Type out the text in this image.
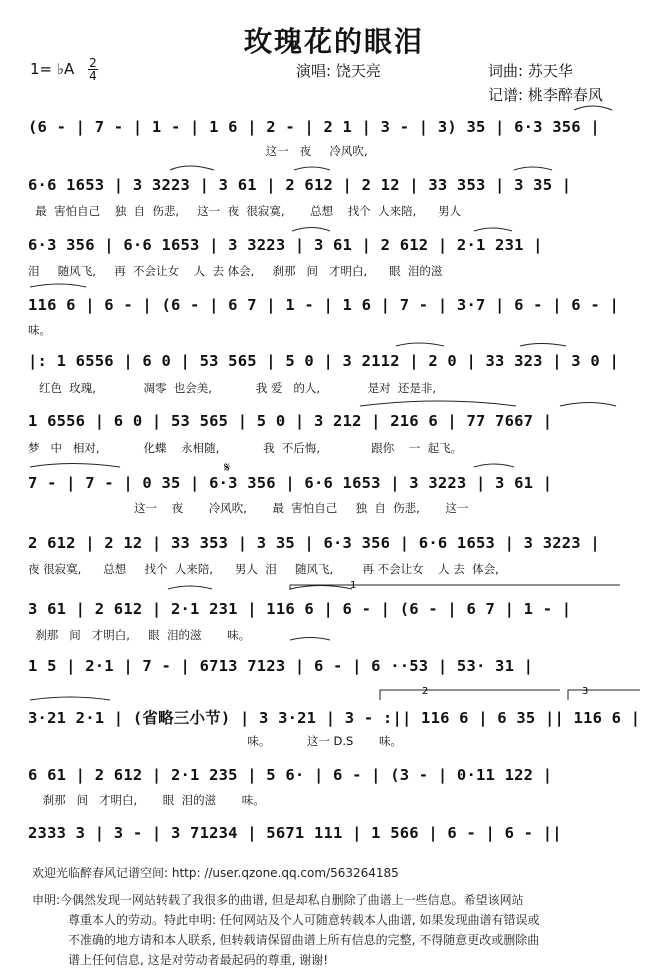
玫瑰花的眼泪
1= ♭A $\frac{2}{4}$	演唱: 饶天亮	词曲: 苏天华
记谱: 桃李醉春风
(6 - | 7 - | 1 - | 1 6 | 2 - | 2 1 | 3 - | 3) 35 | 6·3 356 |
这一   夜     冷风吹,
6·6 1653 | 3 3223 | 3 61 | 2 612 | 2 12 | 33 353 | 3 35 |
最  害怕自己    独  自  伤悲,     这一  夜  很寂寞,       总想    找个  人来陪,      男人
6·3 356 | 6·6 1653 | 3 3223 | 3 61 | 2 612 | 2·1 231 |
泪     随风飞,     再  不会让女    人  去 体会,     刹那   间   才明白,      眼  泪的滋
116 6 | 6 - | (6 - | 6 7 | 1 - | 1 6 | 7 - | 3·7 | 6 - | 6 - |
味。
|: 1 6556 | 6 0 | 53 565 | 5 0 | 3 2112 | 2 0 | 33 323 | 3 0 |
红色  玫瑰,             凋零  也会美,            我 爱   的人,             是对  还是非,
1 6556 | 6 0 | 53 565 | 5 0 | 3 212 | 216 6 | 77 7667 |
梦   中   相对,            化蝶    永相随,            我  不后悔,              跟你    一  起飞。
7 - | 7 - | 0 35 | 6·3 356 | 6·6 1653 | 3 3223 | 3 61 |
这一    夜       冷风吹,       最  害怕自己     独  自  伤悲,       这一
2 612 | 2 12 | 33 353 | 3 35 | 6·3 356 | 6·6 1653 | 3 3223 |
夜 很寂寞,      总想     找个  人来陪,      男人  泪     随风飞,        再 不会让女    人 去  体会,
3 61 | 2 612 | 2·1 231 | 116 6 | 6 - | (6 - | 6 7 | 1 - |
刹那   间   才明白,     眼  泪的滋       味。
1 5 | 2·1 | 7 - | 6713 7123 | 6 - | 6 ··53 | 53· 31 |
3·21 2·1 | (省略三小节) | 3 3·21 | 3 - :|| 116 6 | 6 35 || 116 6 |
味。          这一 D.S       味。
6 61 | 2 612 | 2·1 235 | 5 6· | 6 - | (3 - | 0·11 122 |
刹那   间   才明白,       眼  泪的滋       味。
2333 3 | 3 - | 3 71234 | 5671 111 | 1 566 | 6 - | 6 - ||
1
2	3
𝄋
欢迎光临醉春风记谱空间: http: //user.qzone.qq.com/563264185
申明:今偶然发现一网站转载了我很多的曲谱, 但是却私自删除了曲谱上一些信息。希望该网站
尊重本人的劳动。特此申明: 任何网站及个人可随意转载本人曲谱, 如果发现曲谱有错误或
不准确的地方请和本人联系, 但转载请保留曲谱上所有信息的完整, 不得随意更改或删除曲
谱上任何信息, 这是对劳动者最起码的尊重, 谢谢!
